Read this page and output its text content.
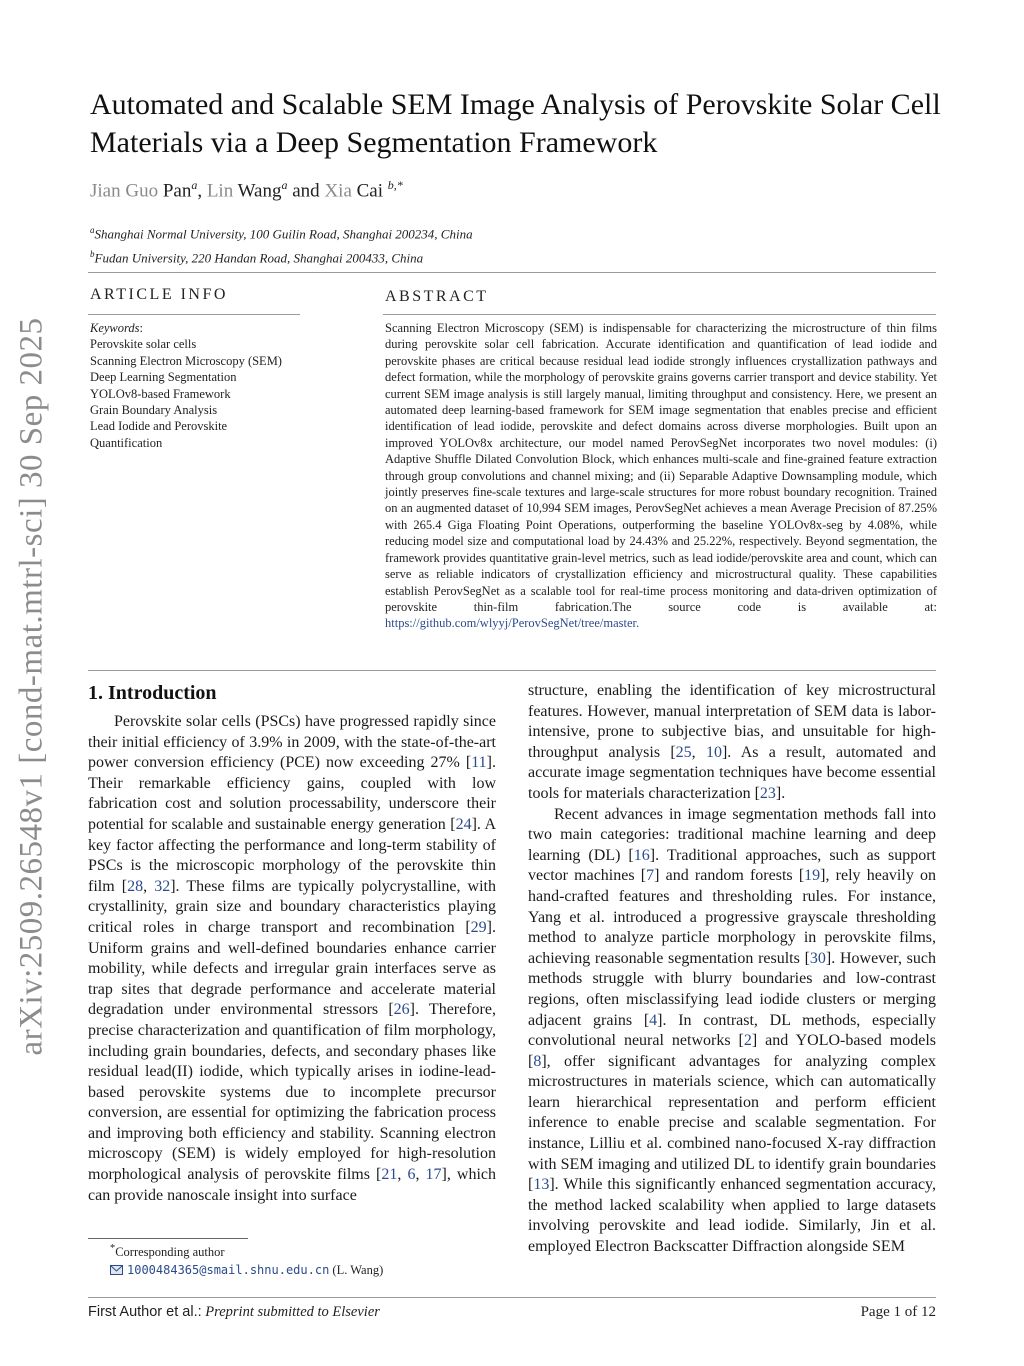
arXiv:2509.26548v1 [cond-mat.mtrl-sci] 30 Sep 2025
Automated and Scalable SEM Image Analysis of Perovskite Solar Cell Materials via a Deep Segmentation Framework
Jian Guo Pan$^a$, Lin Wang$^a$ and Xia Cai $^{b,*}$
$^a$Shanghai Normal University, 100 Guilin Road, Shanghai 200234, China
$^b$Fudan University, 220 Handan Road, Shanghai 200433, China
ARTICLE INFO
Keywords:
Perovskite solar cells
Scanning Electron Microscopy (SEM)
Deep Learning Segmentation
YOLOv8-based Framework
Grain Boundary Analysis
Lead Iodide and Perovskite Quantification
ABSTRACT
Scanning Electron Microscopy (SEM) is indispensable for characterizing the microstructure of thin films during perovskite solar cell fabrication. Accurate identification and quantification of lead iodide and perovskite phases are critical because residual lead iodide strongly influences crystallization pathways and defect formation, while the morphology of perovskite grains governs carrier transport and device stability. Yet current SEM image analysis is still largely manual, limiting throughput and consistency. Here, we present an automated deep learning-based framework for SEM image segmentation that enables precise and efficient identification of lead iodide, perovskite and defect domains across diverse morphologies. Built upon an improved YOLOv8x architecture, our model named PerovSegNet incorporates two novel modules: (i) Adaptive Shuffle Dilated Convolution Block, which enhances multi-scale and fine-grained feature extraction through group convolutions and channel mixing; and (ii) Separable Adaptive Downsampling module, which jointly preserves fine-scale textures and large-scale structures for more robust boundary recognition. Trained on an augmented dataset of 10,994 SEM images, PerovSegNet achieves a mean Average Precision of 87.25% with 265.4 Giga Floating Point Operations, outperforming the baseline YOLOv8x-seg by 4.08%, while reducing model size and computational load by 24.43% and 25.22%, respectively. Beyond segmentation, the framework provides quantitative grain-level metrics, such as lead iodide/perovskite area and count, which can serve as reliable indicators of crystallization efficiency and microstructural quality. These capabilities establish PerovSegNet as a scalable tool for real-time process monitoring and data-driven optimization of perovskite thin-film fabrication.The source code is available at: https://github.com/wlyyj/PerovSegNet/tree/master.
1. Introduction

Perovskite solar cells (PSCs) have progressed rapidly since their initial efficiency of 3.9% in 2009, with the state-of-the-art power conversion efficiency (PCE) now exceeding 27% [11]. Their remarkable efficiency gains, coupled with low fabrication cost and solution processability, underscore their potential for scalable and sustainable energy generation [24]. A key factor affecting the performance and long-term stability of PSCs is the microscopic morphology of the perovskite thin film [28, 32]. These films are typically polycrystalline, with crystallinity, grain size and boundary characteristics playing critical roles in charge transport and recombination [29]. Uniform grains and well-defined boundaries enhance carrier mobility, while defects and irregular grain interfaces serve as trap sites that degrade performance and accelerate material degradation under environmental stressors [26]. Therefore, precise characterization and quantification of film morphology, including grain boundaries, defects, and secondary phases like residual lead(II) iodide, which typically arises in iodine-lead-based perovskite systems due to incomplete precursor conversion, are essential for optimizing the fabrication process and improving both efficiency and stability. Scanning electron microscopy (SEM) is widely employed for high-resolution morphological analysis of perovskite films [21, 6, 17], which can provide nanoscale insight into surface

structure, enabling the identification of key microstructural features. However, manual interpretation of SEM data is labor-intensive, prone to subjective bias, and unsuitable for high-throughput analysis [25, 10]. As a result, automated and accurate image segmentation techniques have become essential tools for materials characterization [23].

Recent advances in image segmentation methods fall into two main categories: traditional machine learning and deep learning (DL) [16]. Traditional approaches, such as support vector machines [7] and random forests [19], rely heavily on hand-crafted features and thresholding rules. For instance, Yang et al. introduced a progressive grayscale thresholding method to analyze particle morphology in perovskite films, achieving reasonable segmentation results [30]. However, such methods struggle with blurry boundaries and low-contrast regions, often misclassifying lead iodide clusters or merging adjacent grains [4]. In contrast, DL methods, especially convolutional neural networks [2] and YOLO-based models [8], offer significant advantages for analyzing complex microstructures in materials science, which can automatically learn hierarchical representation and perform efficient inference to enable precise and scalable segmentation. For instance, Lilliu et al. combined nano-focused X-ray diffraction with SEM imaging and utilized DL to identify grain boundaries [13]. While this significantly enhanced segmentation accuracy, the method lacked scalability when applied to large datasets involving perovskite and lead iodide. Similarly, Jin et al. employed Electron Backscatter Diffraction alongside SEM

*Corresponding author
1000484365@smail.shnu.edu.cn (L. Wang)
First Author et al.: Preprint submitted to Elsevier	Page 1 of 12
